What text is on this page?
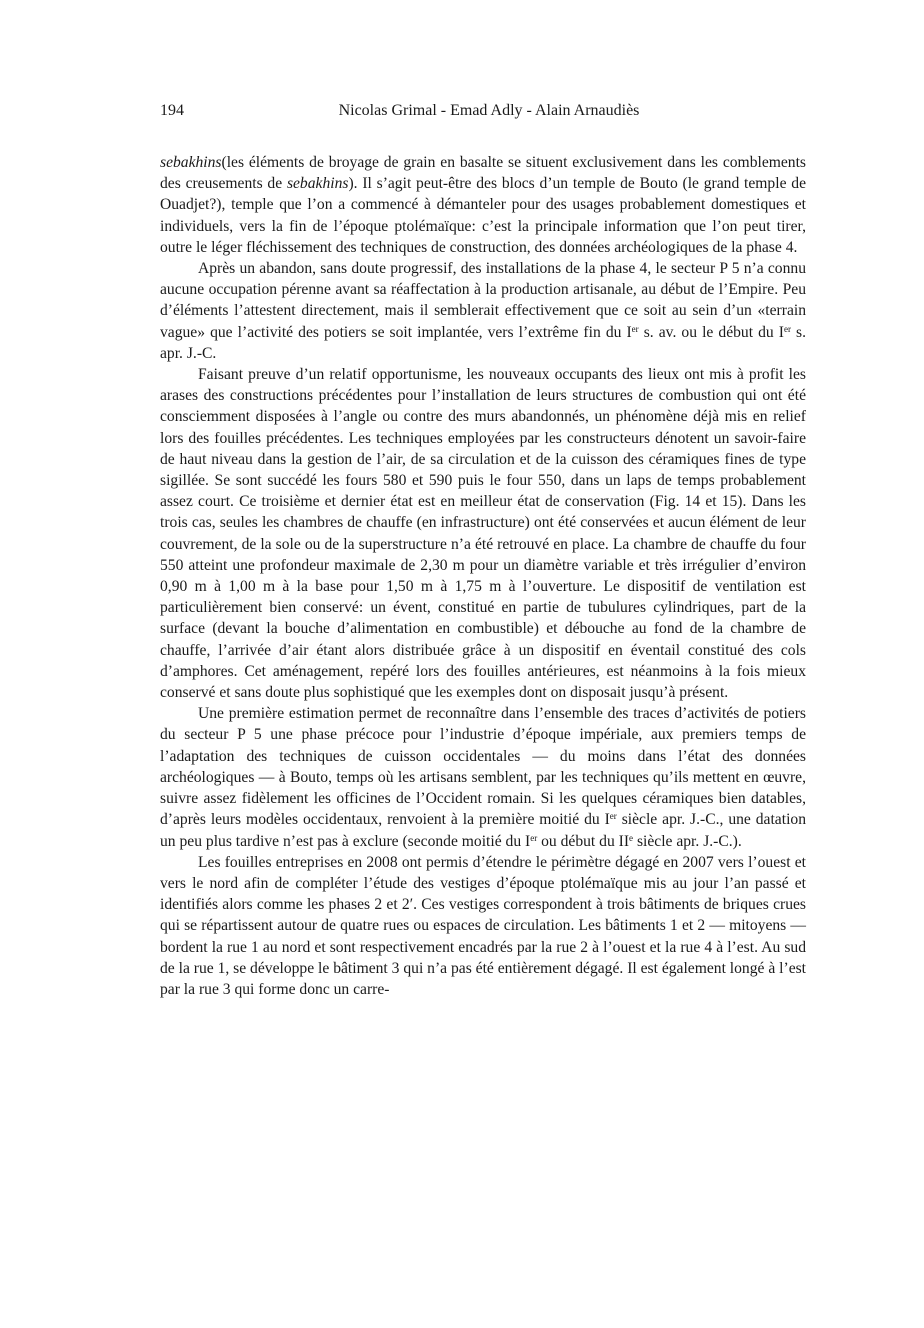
194	Nicolas Grimal - Emad Adly - Alain Arnaudiès

sebakhins(les éléments de broyage de grain en basalte se situent exclusivement dans les comblements des creusements de sebakhins). Il s’agit peut-être des blocs d’un temple de Bouto (le grand temple de Ouadjet?), temple que l’on a commencé à démanteler pour des usages probablement domestiques et individuels, vers la fin de l’époque ptolémaïque: c’est la principale information que l’on peut tirer, outre le léger fléchissement des techniques de construction, des données archéologiques de la phase 4.

Après un abandon, sans doute progressif, des installations de la phase 4, le secteur P 5 n’a connu aucune occupation pérenne avant sa réaffectation à la production artisanale, au début de l’Empire. Peu d’éléments l’attestent directement, mais il semblerait effectivement que ce soit au sein d’un «terrain vague» que l’activité des potiers se soit implantée, vers l’extrême fin du Ier s. av. ou le début du Ier s. apr. J.-C.

Faisant preuve d’un relatif opportunisme, les nouveaux occupants des lieux ont mis à profit les arases des constructions précédentes pour l’installation de leurs structures de combustion qui ont été consciemment disposées à l’angle ou contre des murs abandonnés, un phénomène déjà mis en relief lors des fouilles précédentes. Les techniques employées par les constructeurs dénotent un savoir-faire de haut niveau dans la gestion de l’air, de sa circulation et de la cuisson des céramiques fines de type sigillée. Se sont succédé les fours 580 et 590 puis le four 550, dans un laps de temps probablement assez court. Ce troisième et dernier état est en meilleur état de conservation (Fig. 14 et 15). Dans les trois cas, seules les chambres de chauffe (en infrastructure) ont été conservées et aucun élément de leur couvrement, de la sole ou de la superstructure n’a été retrouvé en place. La chambre de chauffe du four 550 atteint une profondeur maximale de 2,30 m pour un diamètre variable et très irrégulier d’environ 0,90 m à 1,00 m à la base pour 1,50 m à 1,75 m à l’ouverture. Le dispositif de ventilation est particulièrement bien conservé: un évent, constitué en partie de tubulures cylindriques, part de la surface (devant la bouche d’alimentation en combustible) et débouche au fond de la chambre de chauffe, l’arrivée d’air étant alors distribuée grâce à un dispositif en éventail constitué des cols d’amphores. Cet aménagement, repéré lors des fouilles antérieures, est néanmoins à la fois mieux conservé et sans doute plus sophistiqué que les exemples dont on disposait jusqu’à présent.

Une première estimation permet de reconnaître dans l’ensemble des traces d’activités de potiers du secteur P 5 une phase précoce pour l’industrie d’époque impériale, aux premiers temps de l’adaptation des techniques de cuisson occidentales — du moins dans l’état des données archéologiques — à Bouto, temps où les artisans semblent, par les techniques qu’ils mettent en œuvre, suivre assez fidèlement les officines de l’Occident romain. Si les quelques céramiques bien datables, d’après leurs modèles occidentaux, renvoient à la première moitié du Ier siècle apr. J.-C., une datation un peu plus tardive n’est pas à exclure (seconde moitié du Ier ou début du IIe siècle apr. J.-C.).

Les fouilles entreprises en 2008 ont permis d’étendre le périmètre dégagé en 2007 vers l’ouest et vers le nord afin de compléter l’étude des vestiges d’époque ptolémaïque mis au jour l’an passé et identifiés alors comme les phases 2 et 2′. Ces vestiges correspondent à trois bâtiments de briques crues qui se répartissent autour de quatre rues ou espaces de circulation. Les bâtiments 1 et 2 — mitoyens — bordent la rue 1 au nord et sont respectivement encadrés par la rue 2 à l’ouest et la rue 4 à l’est. Au sud de la rue 1, se développe le bâtiment 3 qui n’a pas été entièrement dégagé. Il est également longé à l’est par la rue 3 qui forme donc un carre-
